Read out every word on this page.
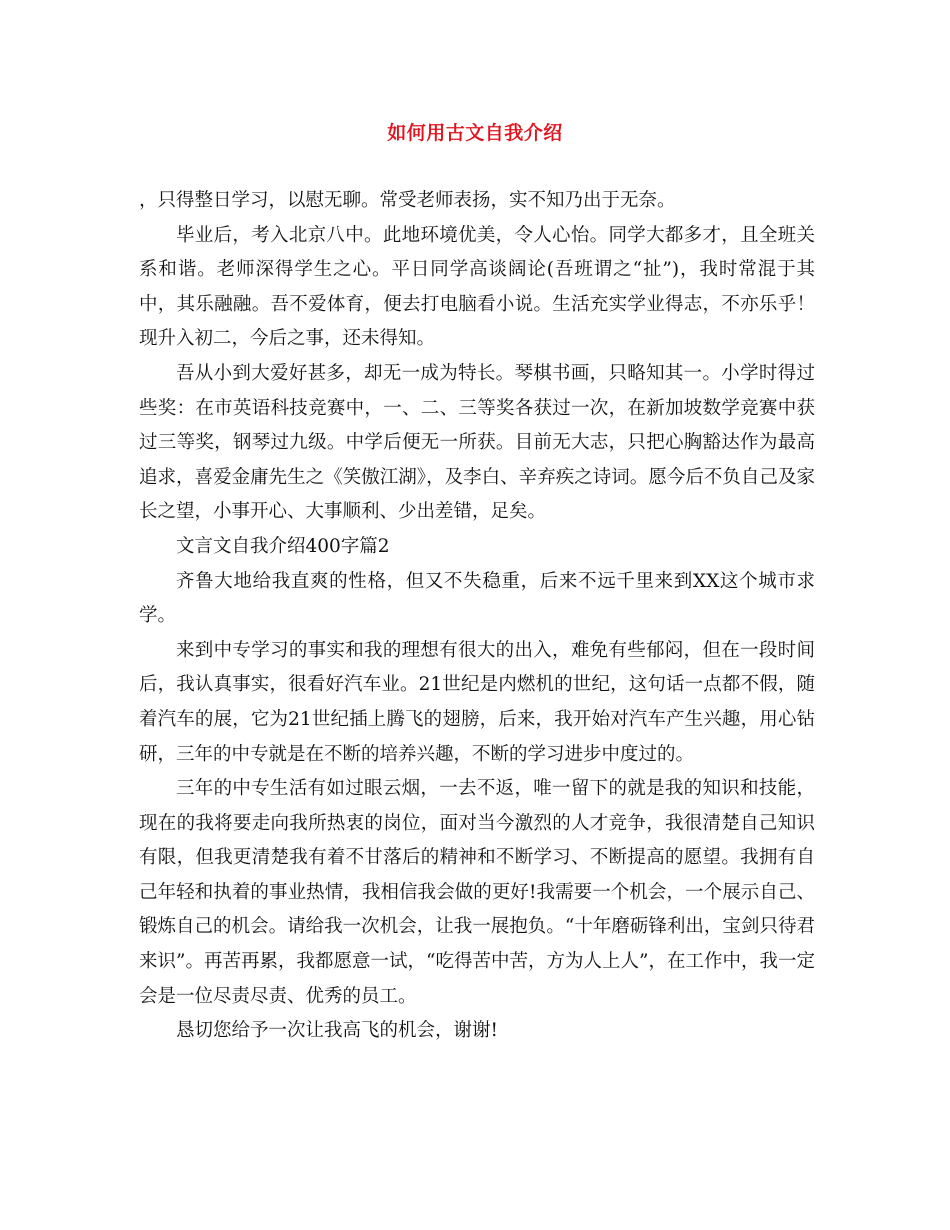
如何用古文自我介绍

，只得整日学习，以慰无聊。常受老师表扬，实不知乃出于无奈。

毕业后，考入北京八中。此地环境优美，令人心怡。同学大都多才，且全班关系和谐。老师深得学生之心。平日同学高谈阔论(吾班谓之“扯”)，我时常混于其中，其乐融融。吾不爱体育，便去打电脑看小说。生活充实学业得志，不亦乐乎！现升入初二，今后之事，还未得知。

吾从小到大爱好甚多，却无一成为特长。琴棋书画，只略知其一。小学时得过些奖：在市英语科技竞赛中，一、二、三等奖各获过一次，在新加坡数学竞赛中获过三等奖，钢琴过九级。中学后便无一所获。目前无大志，只把心胸豁达作为最高追求，喜爱金庸先生之《笑傲江湖》，及李白、辛弃疾之诗词。愿今后不负自己及家长之望，小事开心、大事顺利、少出差错，足矣。

文言文自我介绍400字篇2

齐鲁大地给我直爽的性格，但又不失稳重，后来不远千里来到XX这个城市求学。

来到中专学习的事实和我的理想有很大的出入，难免有些郁闷，但在一段时间后，我认真事实，很看好汽车业。21世纪是内燃机的世纪，这句话一点都不假，随着汽车的展，它为21世纪插上腾飞的翅膀，后来，我开始对汽车产生兴趣，用心钻研，三年的中专就是在不断的培养兴趣，不断的学习进步中度过的。

三年的中专生活有如过眼云烟，一去不返，唯一留下的就是我的知识和技能，现在的我将要走向我所热衷的岗位，面对当今激烈的人才竞争，我很清楚自己知识有限，但我更清楚我有着不甘落后的精神和不断学习、不断提高的愿望。我拥有自己年轻和执着的事业热情，我相信我会做的更好!我需要一个机会，一个展示自己、锻炼自己的机会。请给我一次机会，让我一展抱负。“十年磨砺锋利出，宝剑只待君来识”。再苦再累，我都愿意一试，“吃得苦中苦，方为人上人”，在工作中，我一定会是一位尽责尽责、优秀的员工。

恳切您给予一次让我高飞的机会，谢谢!
